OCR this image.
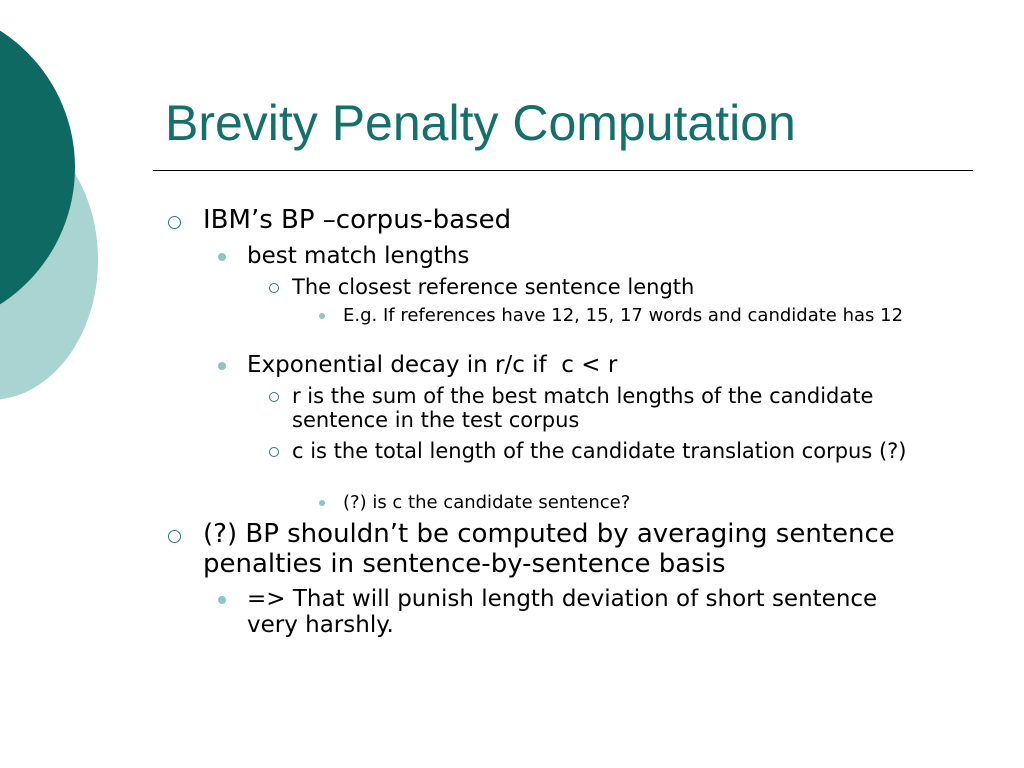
Brevity Penalty Computation
IBM’s BP –corpus-based
best match lengths
The closest reference sentence length
E.g. If references have 12, 15, 17 words and candidate has 12
Exponential decay in r/c if  c < r
r is the sum of the best match lengths of the candidate sentence in the test corpus
c is the total length of the candidate translation corpus (?)
(?) is c the candidate sentence?
(?) BP shouldn’t be computed by averaging sentence penalties in sentence-by-sentence basis
=> That will punish length deviation of short sentence very harshly.
